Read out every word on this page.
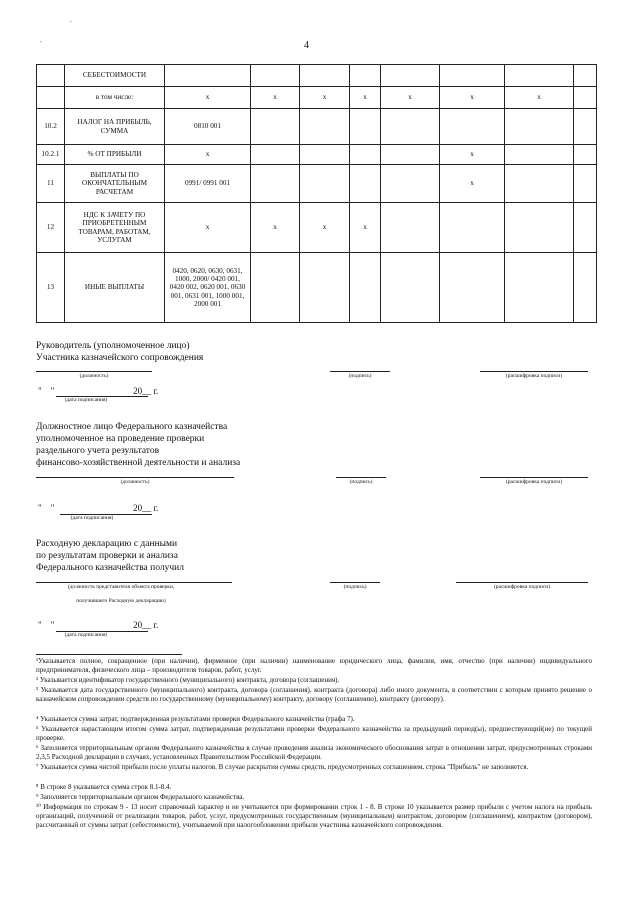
∙
∙	4
	СЕБЕСТОИМОСТИ								
	в том числе:	x	x	x	x	x	x	x	
10.2	НАЛОГ НА ПРИБЫЛЬ, СУММА	0810 001							
10.2.1	% ОТ ПРИБЫЛИ	x					x		
11	ВЫПЛАТЫ ПО ОКОНЧАТЕЛЬНЫМ РАСЧЕТАМ	0991/ 0991 001					x		
12	НДС К ЗАЧЕТУ ПО ПРИОБРЕТЕННЫМ ТОВАРАМ, РАБОТАМ, УСЛУГАМ	x	x	x	x				
13	ИНЫЕ ВЫПЛАТЫ	0420, 0620, 0630, 0631, 1000, 2000/ 0420 001, 0420 002, 0620 001, 0630 001, 0631 001, 1000 001, 2000 001							
Руководитель (уполномоченное лицо)
Участника казначейского сопровождения
(должность)	(подпись)	(расшифровка подписи)
"    "                                   20__ г.
(дата подписания)
Должностное лицо Федерального казначейства
уполномоченное на проведение проверки
раздельного учета результатов
финансово-хозяйственной деятельности и анализа
(должность)	(подпись)	(расшифровка подписи)
"    "                                   20__ г.
(дата подписания)
Расходную декларацию с данными
по результатам проверки и анализа
Федерального казначейства получил
(должность представителя объекта проверки,
получившего Расходную декларацию)
(подпись)	(расшифровка подписи)
"    "                                   20__ г.
(дата подписания)
¹Указывается полное, сокращенное (при наличии), фирменное (при наличии) наименование юридического лица, фамилия, имя, отчество (при наличии) индивидуального предпринимателя, физического лица – производителя товаров, работ, услуг.
² Указывается идентификатор государственного (муниципального) контракта, договора (соглашения).
³ Указывается дата государственного (муниципального) контракта, договора (соглашения), контракта (договора) либо иного документа, в соответствии с которым принято решение о казначейском сопровождении средств по государственному (муниципальному) контракту, договору (соглашению), контракту (договору).
⁴ Указывается сумма затрат, подтвержденная результатами проверки Федерального казначейства (графа 7).
⁵ Указывается нарастающим итогом сумма затрат, подтвержденная результатами проверки Федерального казначейства за предыдущий период(ы), предшествующий(ие) по текущей проверке.
⁶ Заполняется территориальным органом Федерального казначейства в случае проведения анализа экономического обоснования затрат в отношении затрат, предусмотренных строками 2,3,5 Расходной декларации в случаях, установленных Правительством Российской Федерации.
⁷ Указывается сумма чистой прибыли после уплаты налогов. В случае раскрытия суммы средств, предусмотренных соглашением, строка "Прибыль" не заполняется.
⁸ В строке 8 указывается сумма строк 8.1-8.4.
⁹ Заполняется территориальным органом Федерального казначейства.
¹⁰ Информация по строкам 9 - 13 носит справочный характер и не учитывается при формировании строк 1 - 8. В строке 10 указывается размер прибыли с учетом налога на прибыль организаций, полученной от реализации товаров, работ, услуг, предусмотренных государственным (муниципальным) контрактом, договором (соглашением), контрактом (договором), рассчитанный от суммы затрат (себестоимости), учитываемой при налогообложении прибыли участника казначейского сопровождения.
